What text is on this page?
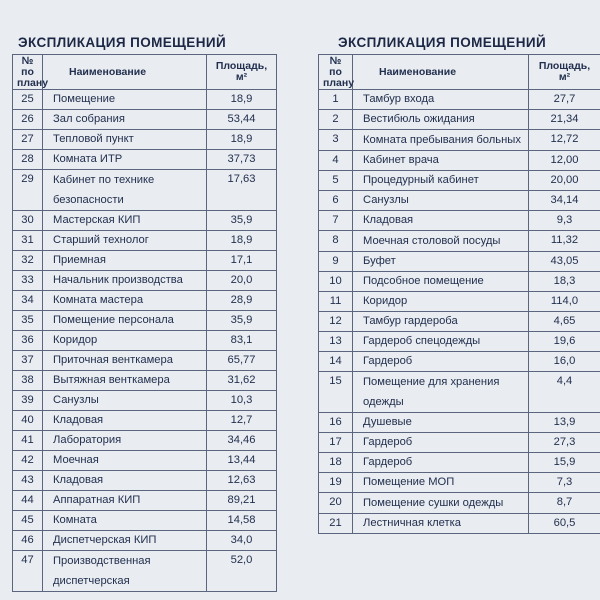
ЭКСПЛИКАЦИЯ ПОМЕЩЕНИЙ
№ по плану	Наименование	Площадь, м²
25	Помещение	18,9
26	Зал собрания	53,44
27	Тепловой пункт	18,9
28	Комната ИТР	37,73
29	Кабинет по технике безопасности	17,63
30	Мастерская КИП	35,9
31	Старший технолог	18,9
32	Приемная	17,1
33	Начальник производства	20,0
34	Комната мастера	28,9
35	Помещение персонала	35,9
36	Коридор	83,1
37	Приточная венткамера	65,77
38	Вытяжная венткамера	31,62
39	Санузлы	10,3
40	Кладовая	12,7
41	Лаборатория	34,46
42	Моечная	13,44
43	Кладовая	12,63
44	Аппаратная КИП	89,21
45	Комната	14,58
46	Диспетчерская КИП	34,0
47	Производственная диспетчерская	52,0
ЭКСПЛИКАЦИЯ ПОМЕЩЕНИЙ
№ по плану	Наименование	Площадь, м²
1	Тамбур входа	27,7
2	Вестибюль ожидания	21,34
3	Комната пребывания больных	12,72
4	Кабинет врача	12,00
5	Процедурный кабинет	20,00
6	Санузлы	34,14
7	Кладовая	9,3
8	Моечная столовой посуды	11,32
9	Буфет	43,05
10	Подсобное помещение	18,3
11	Коридор	114,0
12	Тамбур гардероба	4,65
13	Гардероб спецодежды	19,6
14	Гардероб	16,0
15	Помещение для хранения одежды	4,4
16	Душевые	13,9
17	Гардероб	27,3
18	Гардероб	15,9
19	Помещение МОП	7,3
20	Помещение сушки одежды	8,7
21	Лестничная клетка	60,5
